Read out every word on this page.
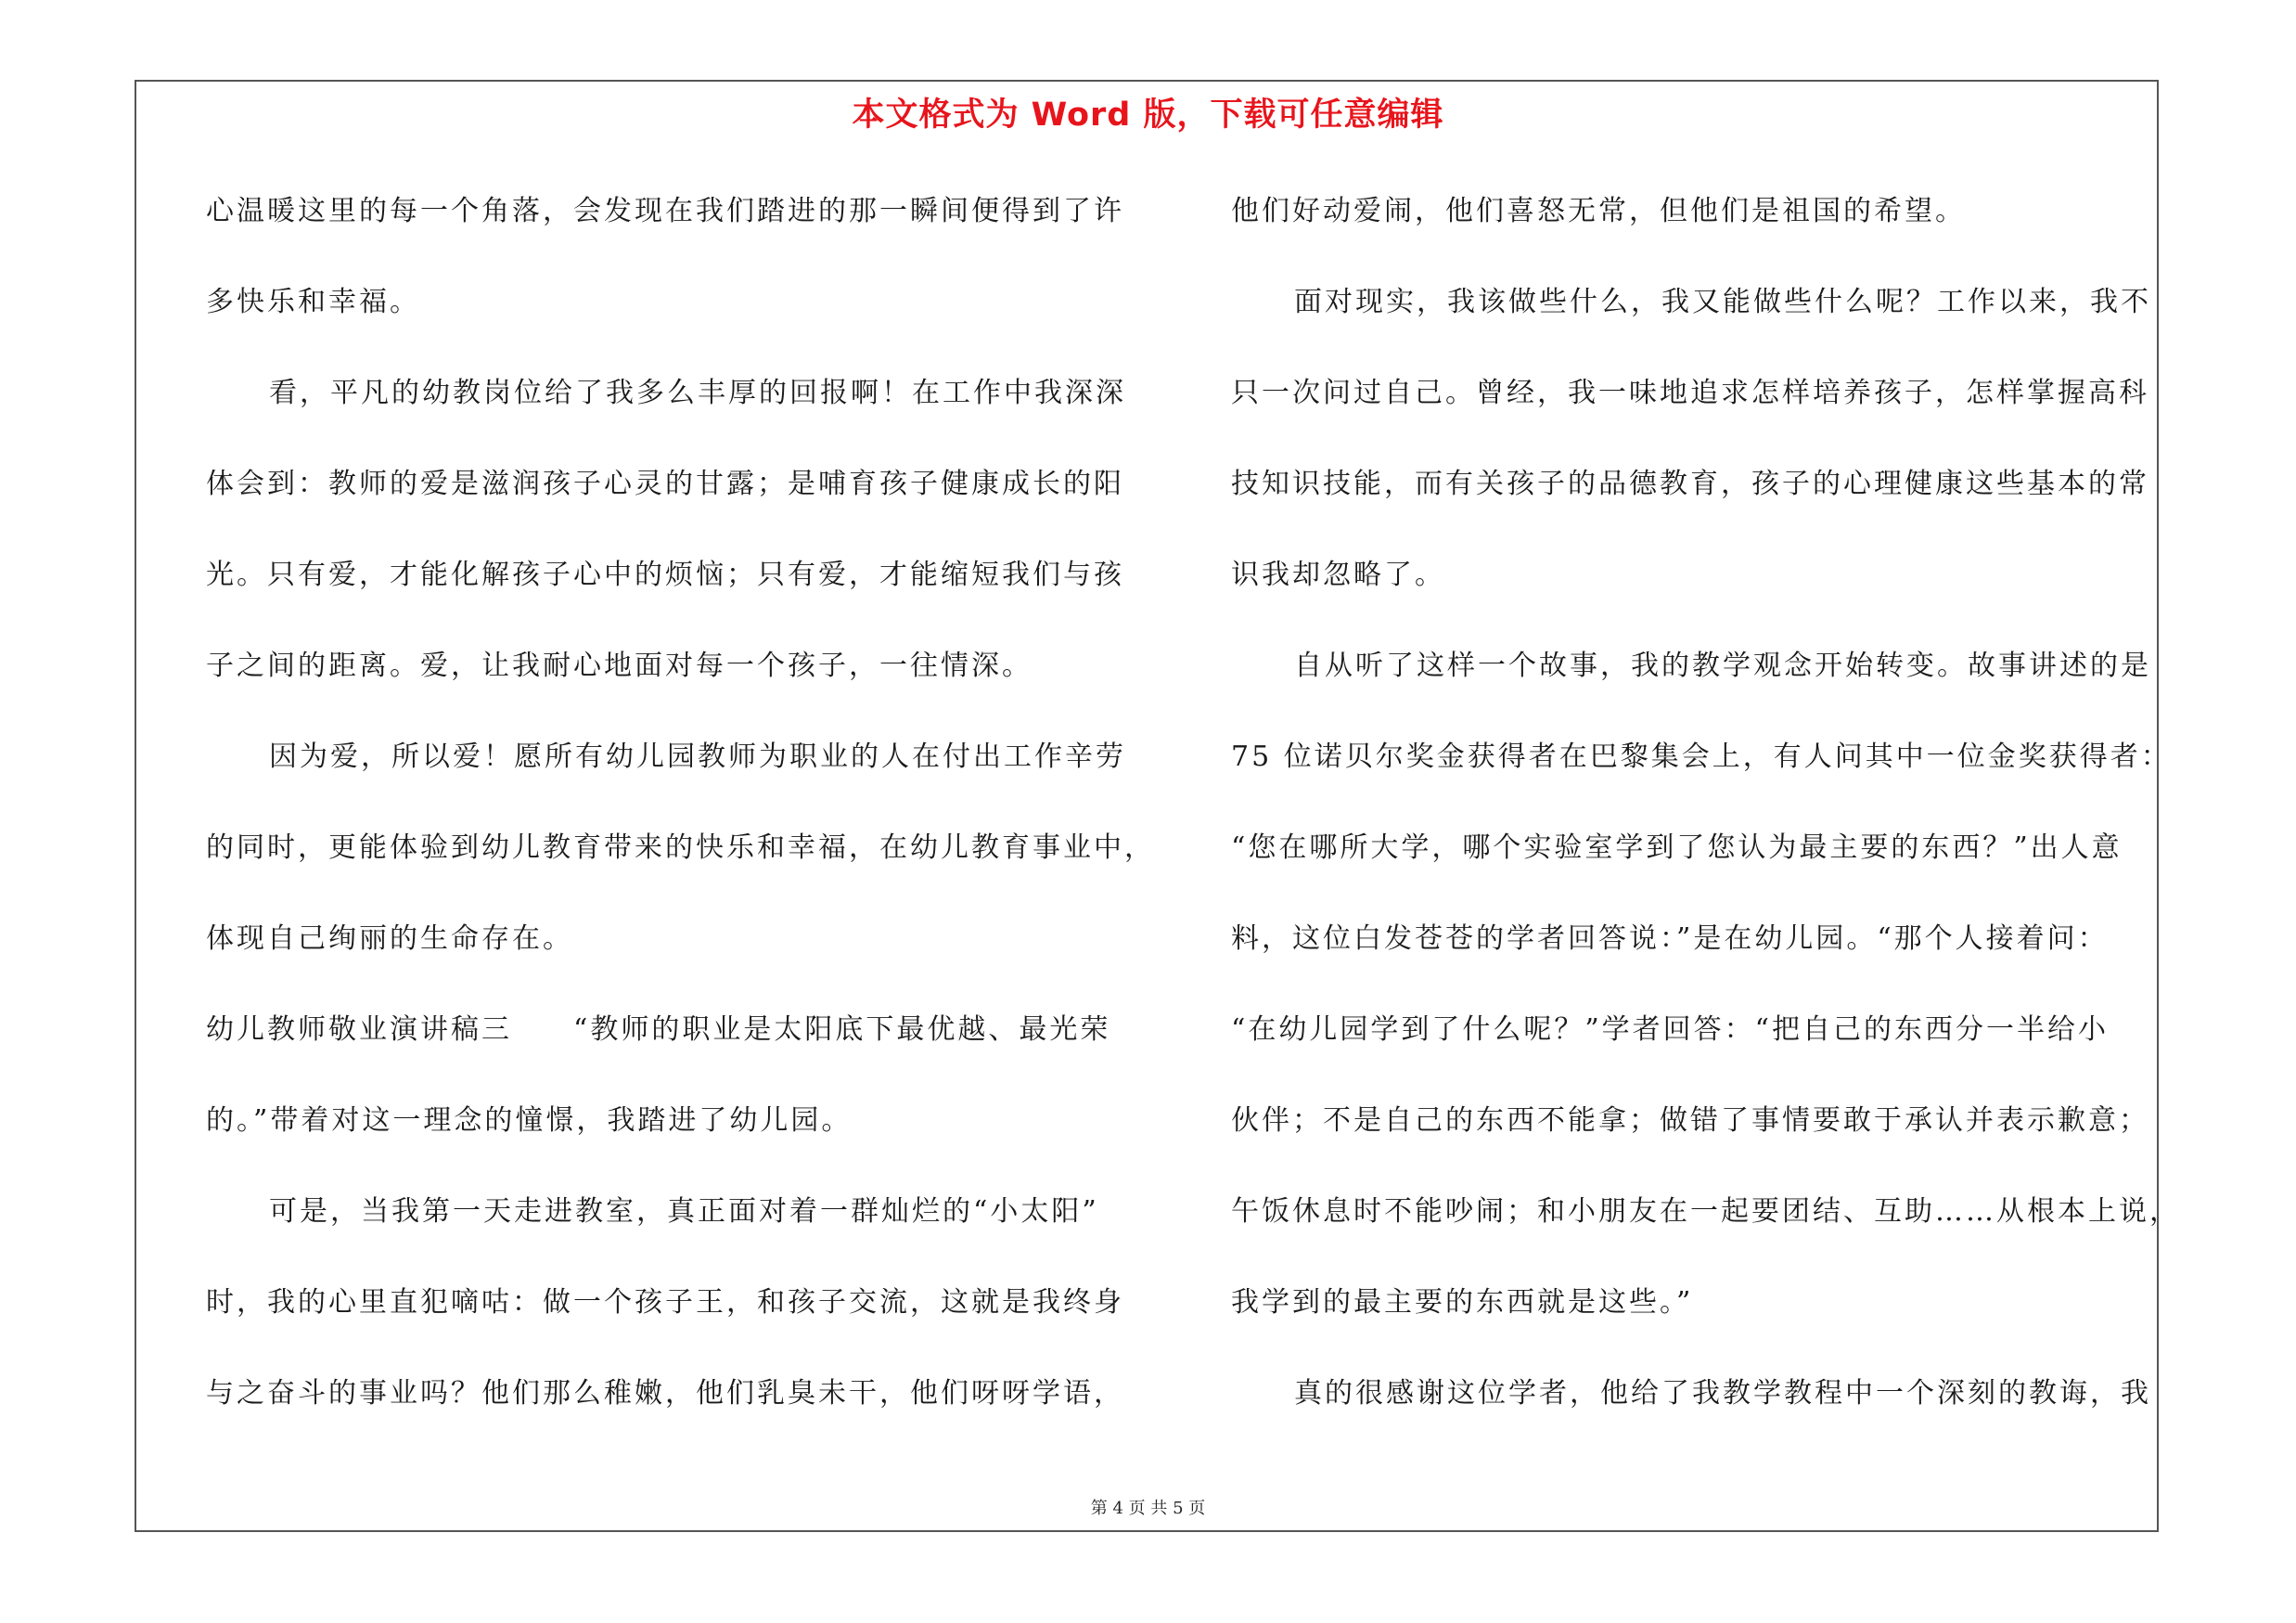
本文格式为 Word 版，下载可任意编辑
心温暖这里的每一个角落，会发现在我们踏进的那一瞬间便得到了许
多快乐和幸福。
看，平凡的幼教岗位给了我多么丰厚的回报啊！在工作中我深深
体会到：教师的爱是滋润孩子心灵的甘露；是哺育孩子健康成长的阳
光。只有爱，才能化解孩子心中的烦恼；只有爱，才能缩短我们与孩
子之间的距离。爱，让我耐心地面对每一个孩子，一往情深。
因为爱，所以爱！愿所有幼儿园教师为职业的人在付出工作辛劳
的同时，更能体验到幼儿教育带来的快乐和幸福，在幼儿教育事业中，
体现自己绚丽的生命存在。
幼儿教师敬业演讲稿三　　“教师的职业是太阳底下最优越、最光荣
的。”带着对这一理念的憧憬，我踏进了幼儿园。
可是，当我第一天走进教室，真正面对着一群灿烂的“小太阳”
时，我的心里直犯嘀咕：做一个孩子王，和孩子交流，这就是我终身
与之奋斗的事业吗？他们那么稚嫩，他们乳臭未干，他们呀呀学语，
他们好动爱闹，他们喜怒无常，但他们是祖国的希望。
面对现实，我该做些什么，我又能做些什么呢？工作以来，我不
只一次问过自己。曾经，我一味地追求怎样培养孩子，怎样掌握高科
技知识技能，而有关孩子的品德教育，孩子的心理健康这些基本的常
识我却忽略了。
自从听了这样一个故事，我的教学观念开始转变。故事讲述的是
75 位诺贝尔奖金获得者在巴黎集会上，有人问其中一位金奖获得者：
“您在哪所大学，哪个实验室学到了您认为最主要的东西？”出人意
料，这位白发苍苍的学者回答说：”是在幼儿园。“那个人接着问：
“在幼儿园学到了什么呢？”学者回答：“把自己的东西分一半给小
伙伴；不是自己的东西不能拿；做错了事情要敢于承认并表示歉意；
午饭休息时不能吵闹；和小朋友在一起要团结、互助……从根本上说，
我学到的最主要的东西就是这些。”
真的很感谢这位学者，他给了我教学教程中一个深刻的教诲，我
第 4 页 共 5 页
